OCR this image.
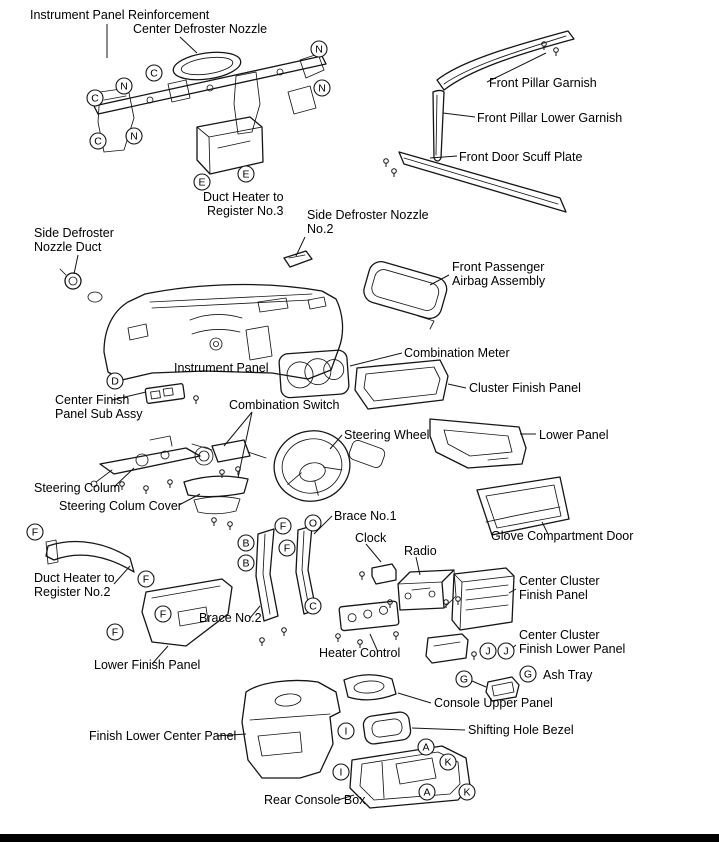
C
N
C
N
N
C	N
E
E
D
F
B
B
F
F
O
F
F
F
C
J J
G	G
I
I
A
K
A	K
Instrument Panel Reinforcement
Center Defroster Nozzle
Front Pillar Garnish
Front Pillar Lower Garnish
Front Door Scuff Plate
Duct Heater to
Register No.3
Side Defroster
Nozzle Duct
Side Defroster Nozzle
No.2
Front Passenger
Airbag Assembly
Combination Meter
Instrument Panel
Cluster Finish Panel
Center Finish
Panel Sub Assy
Combination Switch
Steering Wheel	Lower Panel
Steering Colum
Steering Colum Cover
Glove Compartment Door
Brace No.1
Clock
Radio
Duct Heater to
Register No.2
Center Cluster
Finish Panel
Brace No.2
Heater Control
Center Cluster
Finish Lower Panel
Ash Tray
Lower Finish Panel
Console Upper Panel
Finish Lower Center Panel	Shifting Hole Bezel
Rear Console Box
